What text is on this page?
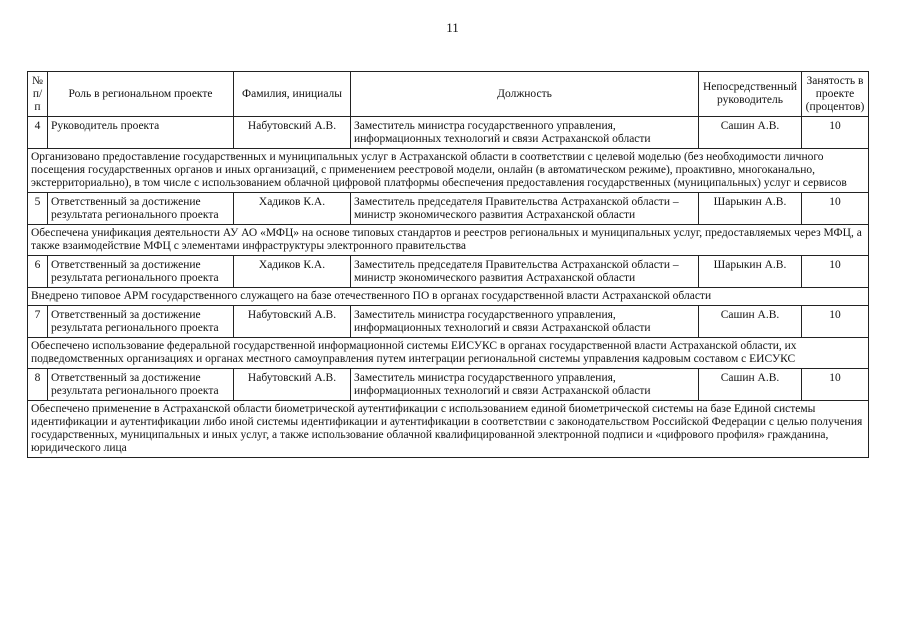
11
№ п/п	Роль в региональном проекте	Фамилия, инициалы	Должность	Непосредственный руководитель	Занятость в проекте (процентов)
4	Руководитель проекта	Набутовский А.В.	Заместитель министра государственного управления, информационных технологий и связи Астраханской области	Сашин А.В.	10
Организовано предоставление государственных и муниципальных услуг в Астраханской области в соответствии с целевой моделью (без необходимости личного посещения государственных органов и иных организаций, с применением реестровой модели, онлайн (в автоматическом режиме), проактивно, многоканально, экстерриториально), в том числе с использованием облачной цифровой платформы обеспечения предоставления государственных (муниципальных) услуг и сервисов					
5	Ответственный за достижение результата регионального проекта	Хадиков К.А.	Заместитель председателя Правительства Астраханской области – министр экономического развития Астраханской области	Шарыкин А.В.	10
Обеспечена унификация деятельности АУ АО «МФЦ» на основе типовых стандартов и реестров региональных и муниципальных услуг, предоставляемых через МФЦ, а также взаимодействие МФЦ с элементами инфраструктуры электронного правительства					
6	Ответственный за достижение результата регионального проекта	Хадиков К.А.	Заместитель председателя Правительства Астраханской области – министр экономического развития Астраханской области	Шарыкин А.В.	10
Внедрено типовое АРМ государственного служащего на базе отечественного ПО в органах государственной власти Астраханской области					
7	Ответственный за достижение результата регионального проекта	Набутовский А.В.	Заместитель министра государственного управления, информационных технологий и связи Астраханской области	Сашин А.В.	10
Обеспечено использование федеральной государственной информационной системы ЕИСУКС в органах государственной власти Астраханской области, их подведомственных организациях и органах местного самоуправления путем интеграции региональной системы управления кадровым составом с ЕИСУКС					
8	Ответственный за достижение результата регионального проекта	Набутовский А.В.	Заместитель министра государственного управления, информационных технологий и связи Астраханской области	Сашин А.В.	10
Обеспечено применение в Астраханской области биометрической аутентификации с использованием единой биометрической системы на базе Единой системы идентификации и аутентификации либо иной системы идентификации и аутентификации в соответствии с законодательством Российской Федерации с целью получения государственных, муниципальных и иных услуг, а также использование облачной квалифицированной электронной подписи и «цифрового профиля» гражданина, юридического лица					
